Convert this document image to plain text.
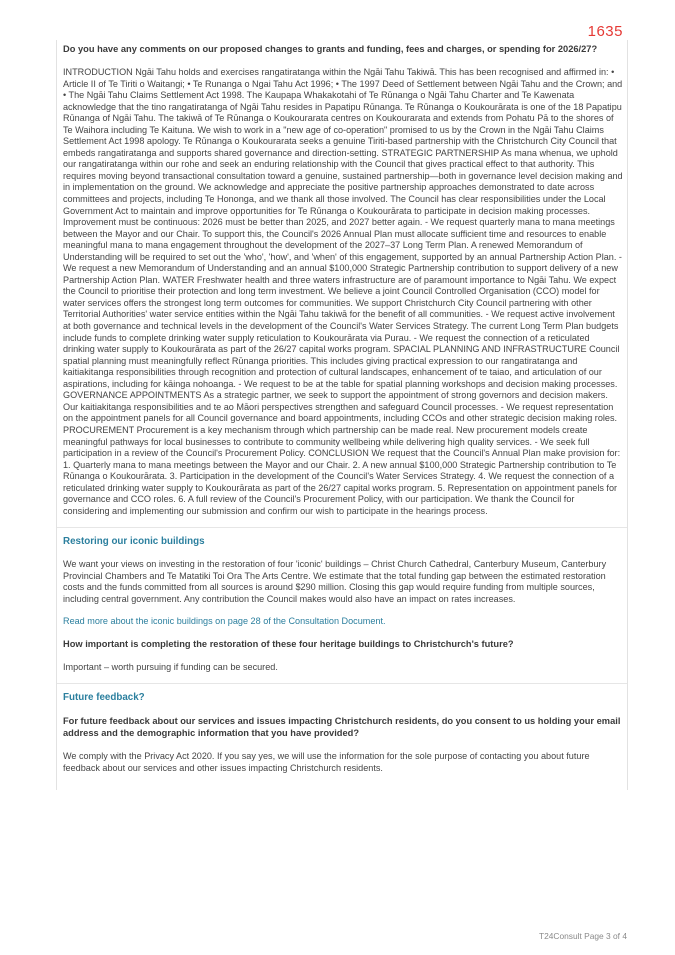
1635
Do you have any comments on our proposed changes to grants and funding, fees and charges, or spending for 2026/27?
INTRODUCTION Ngāi Tahu holds and exercises rangatiratanga within the Ngāi Tahu Takiwā. This has been recognised and affirmed in: • Article II of Te Tiriti o Waitangi; • Te Runanga o Ngai Tahu Act 1996; • The 1997 Deed of Settlement between Ngāi Tahu and the Crown; and • The Ngāi Tahu Claims Settlement Act 1998. The Kaupapa Whakakotahi of Te Rūnanga o Ngāi Tahu Charter and Te Kawenata acknowledge that the tino rangatiratanga of Ngāi Tahu resides in Papatipu Rūnanga. Te Rūnanga o Koukourārata is one of the 18 Papatipu Rūnanga of Ngāi Tahu. The takiwā of Te Rūnanga o Koukourarata centres on Koukourarata and extends from Pohatu Pā to the shores of Te Waihora including Te Kaituna. We wish to work in a "new age of co-operation" promised to us by the Crown in the Ngāi Tahu Claims Settlement Act 1998 apology. Te Rūnanga o Koukourarata seeks a genuine Tiriti-based partnership with the Christchurch City Council that embeds rangatiratanga and supports shared governance and direction-setting. STRATEGIC PARTNERSHIP As mana whenua, we uphold our rangatiratanga within our rohe and seek an enduring relationship with the Council that gives practical effect to that authority. This requires moving beyond transactional consultation toward a genuine, sustained partnership—both in governance level decision making and in implementation on the ground. We acknowledge and appreciate the positive partnership approaches demonstrated to date across committees and projects, including Te Hononga, and we thank all those involved. The Council has clear responsibilities under the Local Government Act to maintain and improve opportunities for Te Rūnanga o Koukourārata to participate in decision making processes. Improvement must be continuous: 2026 must be better than 2025, and 2027 better again. - We request quarterly mana to mana meetings between the Mayor and our Chair. To support this, the Council's 2026 Annual Plan must allocate sufficient time and resources to enable meaningful mana to mana engagement throughout the development of the 2027–37 Long Term Plan. A renewed Memorandum of Understanding will be required to set out the 'who', 'how', and 'when' of this engagement, supported by an annual Partnership Action Plan. - We request a new Memorandum of Understanding and an annual $100,000 Strategic Partnership contribution to support delivery of a new Partnership Action Plan. WATER Freshwater health and three waters infrastructure are of paramount importance to Ngāi Tahu. We expect the Council to prioritise their protection and long term investment. We believe a joint Council Controlled Organisation (CCO) model for water services offers the strongest long term outcomes for communities. We support Christchurch City Council partnering with other Territorial Authorities' water service entities within the Ngāi Tahu takiwā for the benefit of all communities. - We request active involvement at both governance and technical levels in the development of the Council's Water Services Strategy. The current Long Term Plan budgets include funds to complete drinking water supply reticulation to Koukourārata via Purau. - We request the connection of a reticulated drinking water supply to Koukourārata as part of the 26/27 capital works program. SPACIAL PLANNING AND INFRASTRUCTURE Council spatial planning must meaningfully reflect Rūnanga priorities. This includes giving practical expression to our rangatiratanga and kaitiakitanga responsibilities through recognition and protection of cultural landscapes, enhancement of te taiao, and articulation of our aspirations, including for kāinga nohoanga. - We request to be at the table for spatial planning workshops and decision making processes. GOVERNANCE APPOINTMENTS As a strategic partner, we seek to support the appointment of strong governors and decision makers. Our kaitiakitanga responsibilities and te ao Māori perspectives strengthen and safeguard Council processes. - We request representation on the appointment panels for all Council governance and board appointments, including CCOs and other strategic decision making roles. PROCUREMENT Procurement is a key mechanism through which partnership can be made real. New procurement models create meaningful pathways for local businesses to contribute to community wellbeing while delivering high quality services. - We seek full participation in a review of the Council's Procurement Policy. CONCLUSION We request that the Council's Annual Plan make provision for: 1. Quarterly mana to mana meetings between the Mayor and our Chair. 2. A new annual $100,000 Strategic Partnership contribution to Te Rūnanga o Koukourārata. 3. Participation in the development of the Council's Water Services Strategy. 4. We request the connection of a reticulated drinking water supply to Koukourārata as part of the 26/27 capital works program. 5. Representation on appointment panels for governance and CCO roles. 6. A full review of the Council's Procurement Policy, with our participation. We thank the Council for considering and implementing our submission and confirm our wish to participate in the hearings process.
Restoring our iconic buildings
We want your views on investing in the restoration of four 'iconic' buildings – Christ Church Cathedral, Canterbury Museum, Canterbury Provincial Chambers and Te Matatiki Toi Ora The Arts Centre. We estimate that the total funding gap between the estimated restoration costs and the funds committed from all sources is around $290 million. Closing this gap would require funding from multiple sources, including central government. Any contribution the Council makes would also have an impact on rates increases.
Read more about the iconic buildings on page 28 of the Consultation Document.
How important is completing the restoration of these four heritage buildings to Christchurch's future?
Important – worth pursuing if funding can be secured.
Future feedback?
For future feedback about our services and issues impacting Christchurch residents, do you consent to us holding your email address and the demographic information that you have provided?
We comply with the Privacy Act 2020. If you say yes, we will use the information for the sole purpose of contacting you about future feedback about our services and other issues impacting Christchurch residents.
T24Consult Page 3 of 4
